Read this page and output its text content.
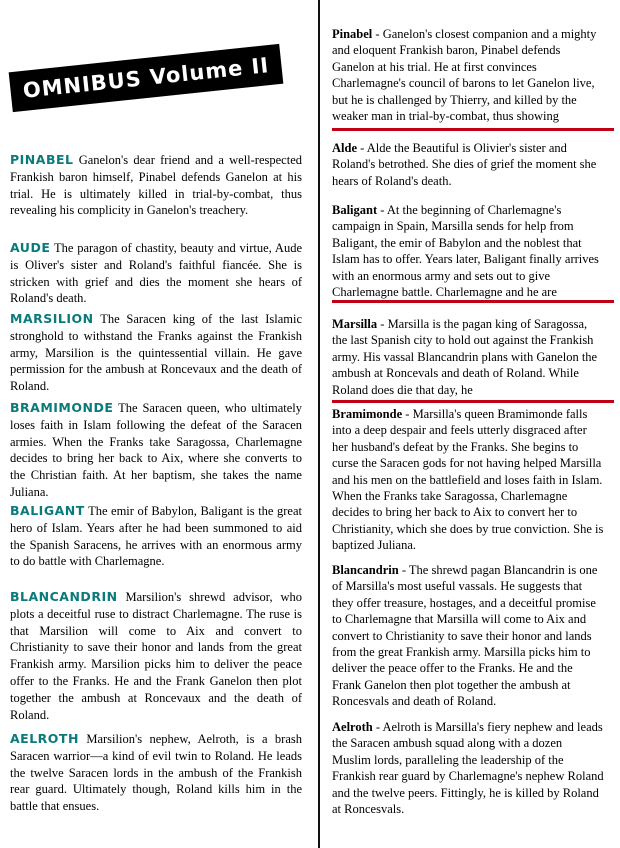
OMNIBUS Volume II

PINABEL Ganelon's dear friend and a well-respected Frankish baron himself, Pinabel defends Ganelon at his trial. He is ultimately killed in trial-by-combat, thus revealing his complicity in Ganelon's treachery.

AUDE The paragon of chastity, beauty and virtue, Aude is Oliver's sister and Roland's faithful fiancée. She is stricken with grief and dies the moment she hears of Roland's death.

MARSILION The Saracen king of the last Islamic stronghold to withstand the Franks against the Frankish army, Marsilion is the quintessential villain. He gave permission for the ambush at Roncevaux and the death of Roland.

BRAMIMONDE The Saracen queen, who ultimately loses faith in Islam following the defeat of the Saracen armies. When the Franks take Saragossa, Charlemagne decides to bring her back to Aix, where she converts to the Christian faith. At her baptism, she takes the name Juliana.

BALIGANT The emir of Babylon, Baligant is the great hero of Islam. Years after he had been summoned to aid the Spanish Saracens, he arrives with an enormous army to do battle with Charlemagne.

BLANCANDRIN Marsilion's shrewd advisor, who plots a deceitful ruse to distract Charlemagne. The ruse is that Marsilion will come to Aix and convert to Christianity to save their honor and lands from the great Frankish army. Marsilion picks him to deliver the peace offer to the Franks. He and the Frank Ganelon then plot together the ambush at Roncevaux and the death of Roland.

AELROTH Marsilion's nephew, Aelroth, is a brash Saracen warrior—a kind of evil twin to Roland. He leads the twelve Saracen lords in the ambush of the Frankish rear guard. Ultimately though, Roland kills him in the battle that ensues.

Pinabel - Ganelon's closest companion and a mighty and eloquent Frankish baron, Pinabel defends Ganelon at his trial. He at first convinces Charlemagne's council of barons to let Ganelon live, but he is challenged by Thierry, and killed by the weaker man in trial-by-combat, thus showing

Alde - Alde the Beautiful is Olivier's sister and Roland's betrothed. She dies of grief the moment she hears of Roland's death.

Baligant - At the beginning of Charlemagne's campaign in Spain, Marsilla sends for help from Baligant, the emir of Babylon and the noblest that Islam has to offer. Years later, Baligant finally arrives with an enormous army and sets out to give Charlemagne battle. Charlemagne and he are

Marsilla - Marsilla is the pagan king of Saragossa, the last Spanish city to hold out against the Frankish army. His vassal Blancandrin plans with Ganelon the ambush at Roncevals and death of Roland. While Roland does die that day, he

Bramimonde - Marsilla's queen Bramimonde falls into a deep despair and feels utterly disgraced after her husband's defeat by the Franks. She begins to curse the Saracen gods for not having helped Marsilla and his men on the battlefield and loses faith in Islam. When the Franks take Saragossa, Charlemagne decides to bring her back to Aix to convert her to Christianity, which she does by true conviction. She is baptized Juliana.

Blancandrin - The shrewd pagan Blancandrin is one of Marsilla's most useful vassals. He suggests that they offer treasure, hostages, and a deceitful promise to Charlemagne that Marsilla will come to Aix and convert to Christianity to save their honor and lands from the great Frankish army. Marsilla picks him to deliver the peace offer to the Franks. He and the Frank Ganelon then plot together the ambush at Roncesvals and death of Roland.

Aelroth - Aelroth is Marsilla's fiery nephew and leads the Saracen ambush squad along with a dozen Muslim lords, paralleling the leadership of the Frankish rear guard by Charlemagne's nephew Roland and the twelve peers. Fittingly, he is killed by Roland at Roncesvals.
